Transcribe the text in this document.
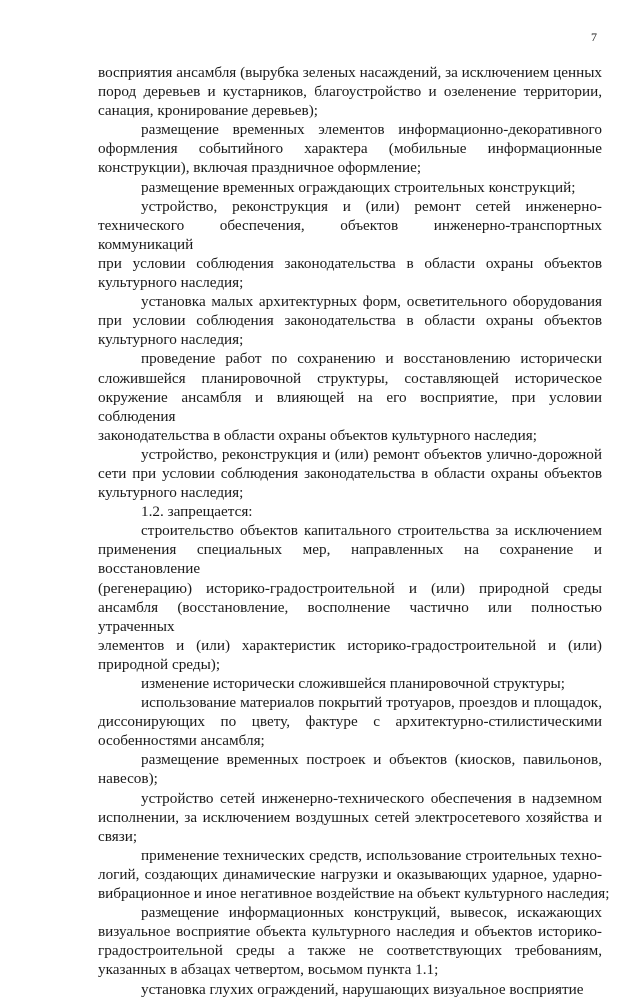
7
восприятия ансамбля (вырубка зеленых насаждений, за исключением ценных
пород деревьев и кустарников, благоустройство и озеленение территории,
санация, кронирование деревьев);
размещение временных элементов информационно-декоративного
оформления событийного характера (мобильные информационные
конструкции), включая праздничное оформление;
размещение временных ограждающих строительных конструкций;
устройство, реконструкция и (или) ремонт сетей инженерно-
технического обеспечения, объектов инженерно-транспортных коммуникаций
при условии соблюдения законодательства в области охраны объектов
культурного наследия;
установка малых архитектурных форм, осветительного оборудования
при условии соблюдения законодательства в области охраны объектов
культурного наследия;
проведение работ по сохранению и восстановлению исторически
сложившейся планировочной структуры, составляющей историческое
окружение ансамбля и влияющей на его восприятие, при условии соблюдения
законодательства в области охраны объектов культурного наследия;
устройство, реконструкция и (или) ремонт объектов улично-дорожной
сети при условии соблюдения законодательства в области охраны объектов
культурного наследия;
1.2. запрещается:
строительство объектов капитального строительства за исключением
применения специальных мер, направленных на сохранение и восстановление
(регенерацию) историко-градостроительной и (или) природной среды
ансамбля (восстановление, восполнение частично или полностью утраченных
элементов и (или) характеристик историко-градостроительной и (или)
природной среды);
изменение исторически сложившейся планировочной структуры;
использование материалов покрытий тротуаров, проездов и площадок,
диссонирующих по цвету, фактуре с архитектурно-стилистическими
особенностями ансамбля;
размещение временных построек и объектов (киосков, павильонов,
навесов);
устройство сетей инженерно-технического обеспечения в надземном
исполнении, за исключением воздушных сетей электросетевого хозяйства и
связи;
применение технических средств, использование строительных техно-
логий, создающих динамические нагрузки и оказывающих ударное, ударно-
вибрационное и иное негативное воздействие на объект культурного наследия;
размещение информационных конструкций, вывесок, искажающих
визуальное восприятие объекта культурного наследия и объектов историко-
градостроительной среды а также не соответствующих требованиям,
указанных в абзацах четвертом, восьмом пункта 1.1;
установка глухих ограждений, нарушающих визуальное восприятие
